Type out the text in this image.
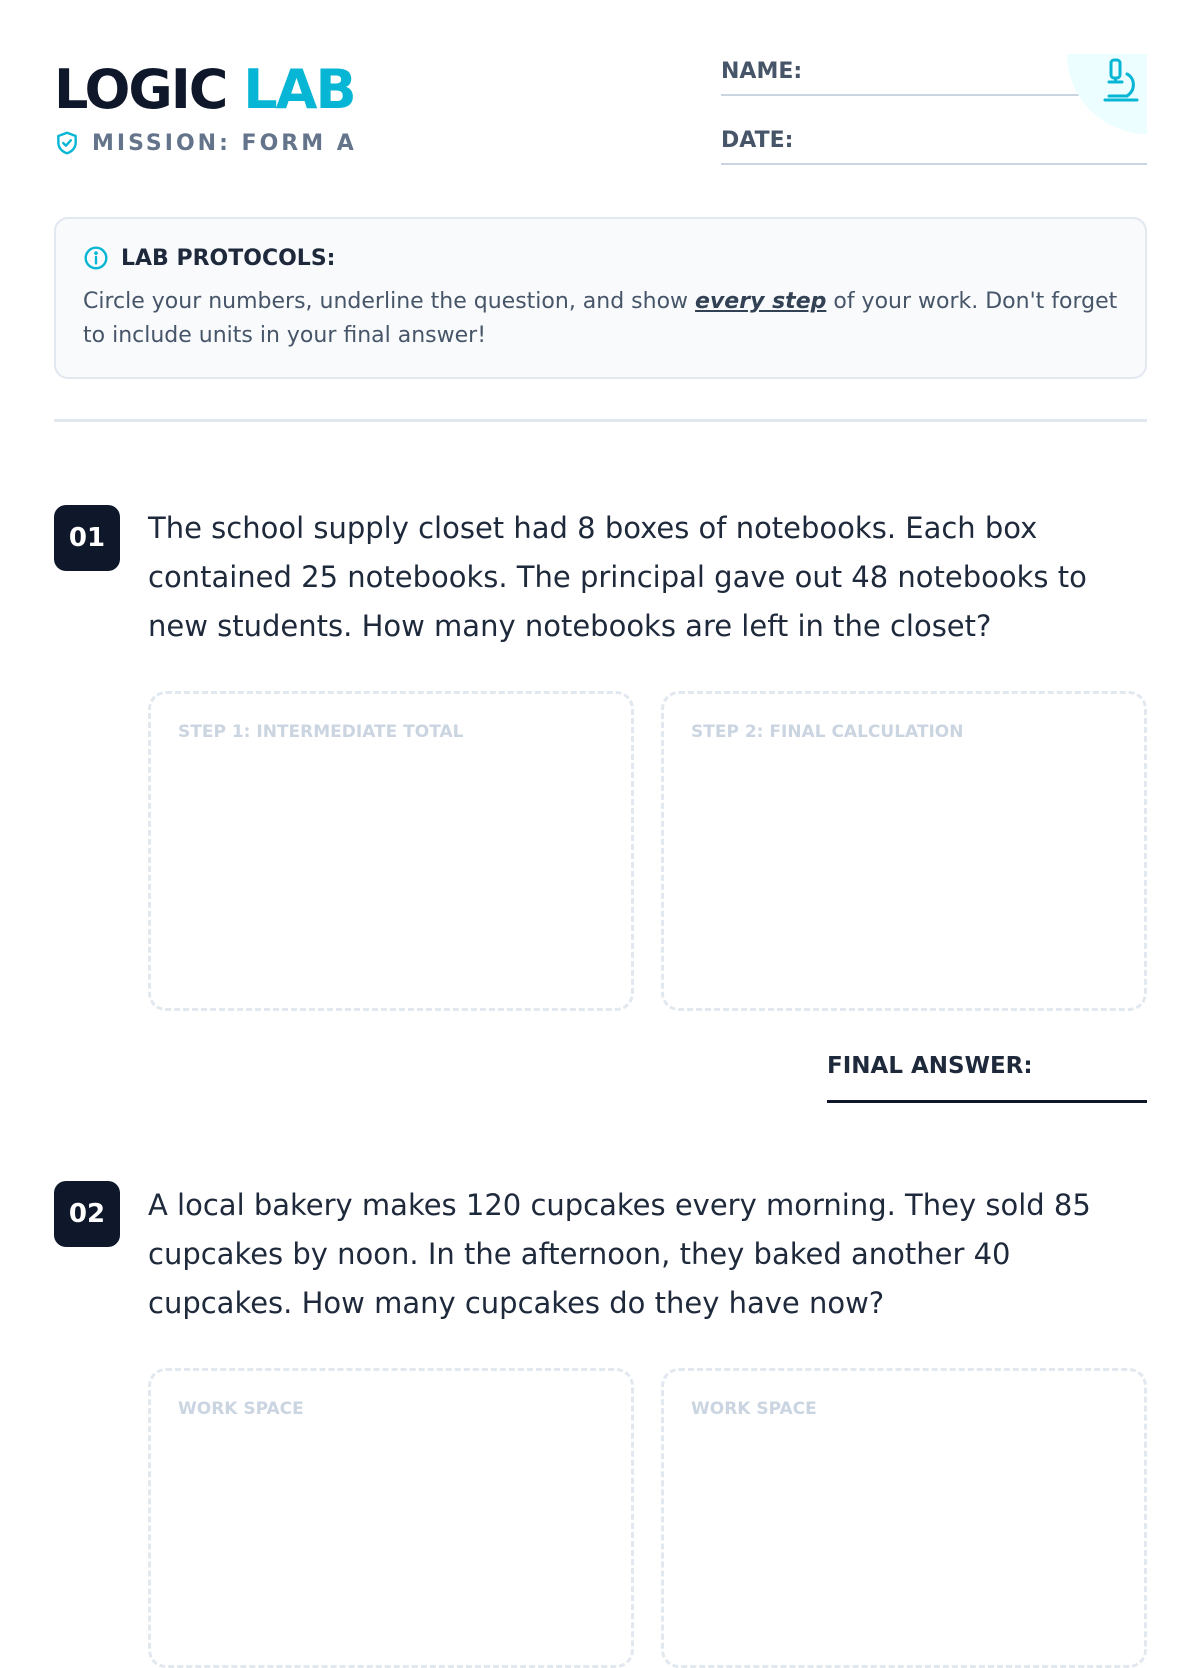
LOGIC LAB
MISSION: FORM A
NAME:
DATE:
LAB PROTOCOLS:
Circle your numbers, underline the question, and show every step of your work. Don't forget to include units in your final answer!
01	The school supply closet had 8 boxes of notebooks. Each box contained 25 notebooks. The principal gave out 48 notebooks to new students. How many notebooks are left in the closet?
STEP 1: INTERMEDIATE TOTAL	STEP 2: FINAL CALCULATION
FINAL ANSWER:
02	A local bakery makes 120 cupcakes every morning. They sold 85 cupcakes by noon. In the afternoon, they baked another 40 cupcakes. How many cupcakes do they have now?
WORK SPACE	WORK SPACE
